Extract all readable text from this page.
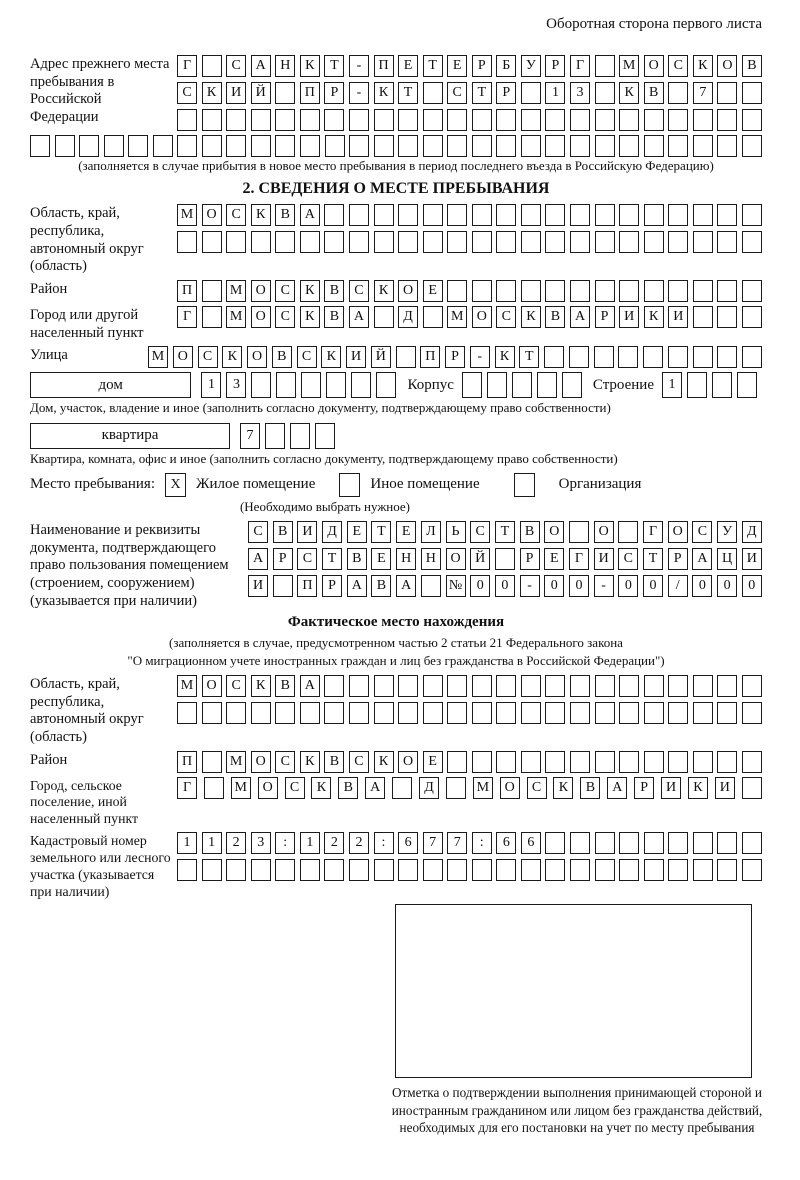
Оборотная сторона первого листа
Адрес прежнего места пребывания в Российской Федерации
Г	С	А	Н	К	Т	-	П	Е	Т	Е	Р	Б	У	Р	Г	М О	С	К	О	В
С	К	И	Й	П	Р	-	К	Т	С	Т	Р	1	3	К	В	7
(заполняется в случае прибытия в новое место пребывания в период последнего въезда в Российскую Федерацию)
2. СВЕДЕНИЯ О МЕСТЕ ПРЕБЫВАНИЯ
Область, край, республика, автономный округ (область)
М О	С	К	В	А
Район	П	М О	С	К	В	С	К	О	Е
Город или другой населенный пункт
Г	М О	С	К	В	А	Д	М О	С	К	В	А	Р	И	К	И
Улица	М О	С	К	О	В	С	К	И	Й	П	Р	-	К	Т
дом	1	3	Корпус	Строение	1
Дом, участок, владение и иное (заполнить согласно документу, подтверждающему право собственности)
квартира	7
Квартира, комната, офис и иное (заполнить согласно документу, подтверждающему право собственности)
Место пребывания:	X	Жилое помещение	Иное помещение	Организация
(Необходимо выбрать нужное)
Наименование и реквизиты документа, подтверждающего право пользования помещением (строением, сооружением) (указывается при наличии)
С	В	И	Д	Е	Т	Е	Л	Ь	С	Т	В	О	О	Г	О	С	У	Д
А	Р	С	Т	В	Е	Н	Н	О	Й	Р	Е	Г	И	С	Т	Р	А	Ц	И
И	П	Р	А	В	А	№	0	0	-	0	0	-	0	0	/	0	0	0
Фактическое место нахождения
(заполняется в случае, предусмотренном частью 2 статьи 21 Федерального закона
"О миграционном учете иностранных граждан и лиц без гражданства в Российской Федерации")
Область, край, республика, автономный округ (область)
М О	С	К	В	А
Район	П	М О	С	К	В	С	К	О	Е
Город, сельское поселение, иной населенный пункт
Г	М	О	С	К	В	А	Д	М	О	С	К	В	А	Р	И	К	И
Кадастровый номер земельного или лесного участка (указывается при наличии)
1	1	2	3	:	1	2	2	:	6	7	7	:	6	6
Отметка о подтверждении выполнения принимающей стороной и иностранным гражданином или лицом без гражданства действий, необходимых для его постановки на учет по месту пребывания
